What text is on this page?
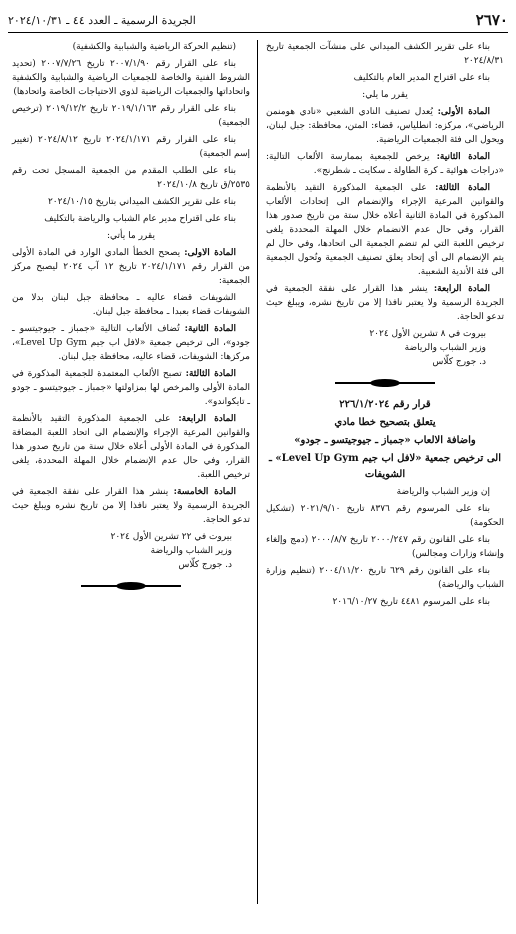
٢٦٧٠
الجريدة الرسمية ـ العدد ٤٤ ـ ٢٠٢٤/١٠/٣١

بناء على تقرير الكشف الميداني على منشآت الجمعية تاريخ ٢٠٢٤/٨/٣١

بناء على اقتراح المدير العام بالتكليف

يقرر ما يلي:

المادة الأولى: يُعدل تصنيف النادي الشعبي «نادي هومنمن الرياضي»، مركزه: انطلياس، قضاء: المتن، محافظة: جبل لبنان، ويحول الى فئة الجمعيات الرياضية.

المادة الثانية: يرخص للجمعية بممارسة الألعاب التالية: «دراجات هوائية ـ كرة الطاولة ـ سكايت ـ شطرنج».

المادة الثالثة: على الجمعية المذكورة التقيد بالأنظمة والقوانين المرعية الإجراء والإنضمام الى إتحادات الألعاب المذكورة في المادة الثانية أعلاه خلال ستة من تاريخ صدور هذا القرار، وفي حال عدم الانضمام خلال المهلة المحددة يلغى ترخيص اللعبة التي لم تنضم الجمعية الى اتحادها، وفي حال لم يتم الإنضمام الى أي إتحاد يعلق تصنيف الجمعية وتُحول الجمعية الى فئة الأندية الشعبية.

المادة الرابعة: ينشر هذا القرار على نفقة الجمعية في الجريدة الرسمية ولا يعتبر نافذا إلا من تاريخ نشره، ويبلغ حيث تدعو الحاجة.

بيروت في ٨ تشرين الأول ٢٠٢٤

وزير الشباب والرياضة

د. جورج كلّاس

قرار رقم ٢٢٦/١/٢٠٢٤
يتعلق بتصحيح خطا مادي
واضافة الالعاب «جمباز ـ جيوجيتسو ـ جودو»
الى ترخيص جمعية «لافل اب جيم Level Up Gym» ـ الشويفات

إن وزير الشباب والرياضة

بناء على المرسوم رقم ٨٣٧٦ تاريخ ٢٠٢١/٩/١٠ (تشكيل الحكومة)

بناء على القانون رقم ٢٠٠٠/٢٤٧ تاريخ ٢٠٠٠/٨/٧ (دمج وإلغاء وإنشاء وزارات ومجالس)

بناء على القانون رقم ٦٢٩ تاريخ ٢٠٠٤/١١/٢٠ (تنظيم وزارة الشباب والرياضة)

بناء على المرسوم ٤٤٨١ تاريخ ٢٠١٦/١٠/٢٧

(تنظيم الحركة الرياضية والشبابية والكشفية)

بناء على القرار رقم ٢٠٠٧/١/٩٠ تاريخ ٢٠٠٧/٧/٢٦ (تحديد الشروط الفنية والخاصة للجمعيات الرياضية والشبابية والكشفية واتحاداتها والجمعيات الرياضية لذوي الاحتياجات الخاصة واتحادها)

بناء على القرار رقم ٢٠١٩/١/١٦٣ تاريخ ٢٠١٩/١٢/٢ (ترخيص الجمعية)

بناء على القرار رقم ٢٠٢٤/١/١٧١ تاريخ ٢٠٢٤/٨/١٢ (تغيير إسم الجمعية)

بناء على الطلب المقدم من الجمعية المسجل تحت رقم ٢٥٣٥/ق تاريخ ٢٠٢٤/١٠/٨

بناء على تقرير الكشف الميداني بتاريخ ٢٠٢٤/١٠/١٥

بناء على اقتراح مدير عام الشباب والرياضة بالتكليف

يقرر ما يأتي:

المادة الاولى: يصحح الخطأ المادي الوارد في المادة الأولى من القرار رقم ٢٠٢٤/١/١٧١ تاريخ ١٢ آب ٢٠٢٤ ليصبح مركز الجمعية:

الشويفات قضاء عاليه ـ محافظة جبل لبنان بدلا من الشويفات قضاء بعبدا ـ محافظة جبل لبنان.

المادة الثانية: تُضاف الألعاب التالية «جمباز ـ جيوجيتسو ـ جودو»، الى ترخيص جمعية «لافل اب جيم Level Up Gym»، مركزها: الشويفات، قضاء عاليه، محافظة جبل لبنان.

المادة الثالثة: تصبح الألعاب المعتمدة للجمعية المذكورة في المادة الأولى والمرخص لها بمزاولتها «جمباز ـ جيوجيتسو ـ جودو ـ تايكواندو».

المادة الرابعة: على الجمعية المذكورة التقيد بالأنظمة والقوانين المرعية الإجراء والإنضمام الى اتحاد اللعبة المضافة المذكورة في المادة الأولى أعلاه خلال سنة من تاريخ صدور هذا القرار، وفي حال عدم الإنضمام خلال المهلة المحددة، يلغى ترخيص اللعبة.

المادة الخامسة: ينشر هذا القرار على نفقة الجمعية في الجريدة الرسمية ولا يعتبر نافذا إلا من تاريخ نشره ويبلغ حيث تدعو الحاجة.

بيروت في ٢٢ تشرين الأول ٢٠٢٤

وزير الشباب والرياضة

د. جورج كلّاس
